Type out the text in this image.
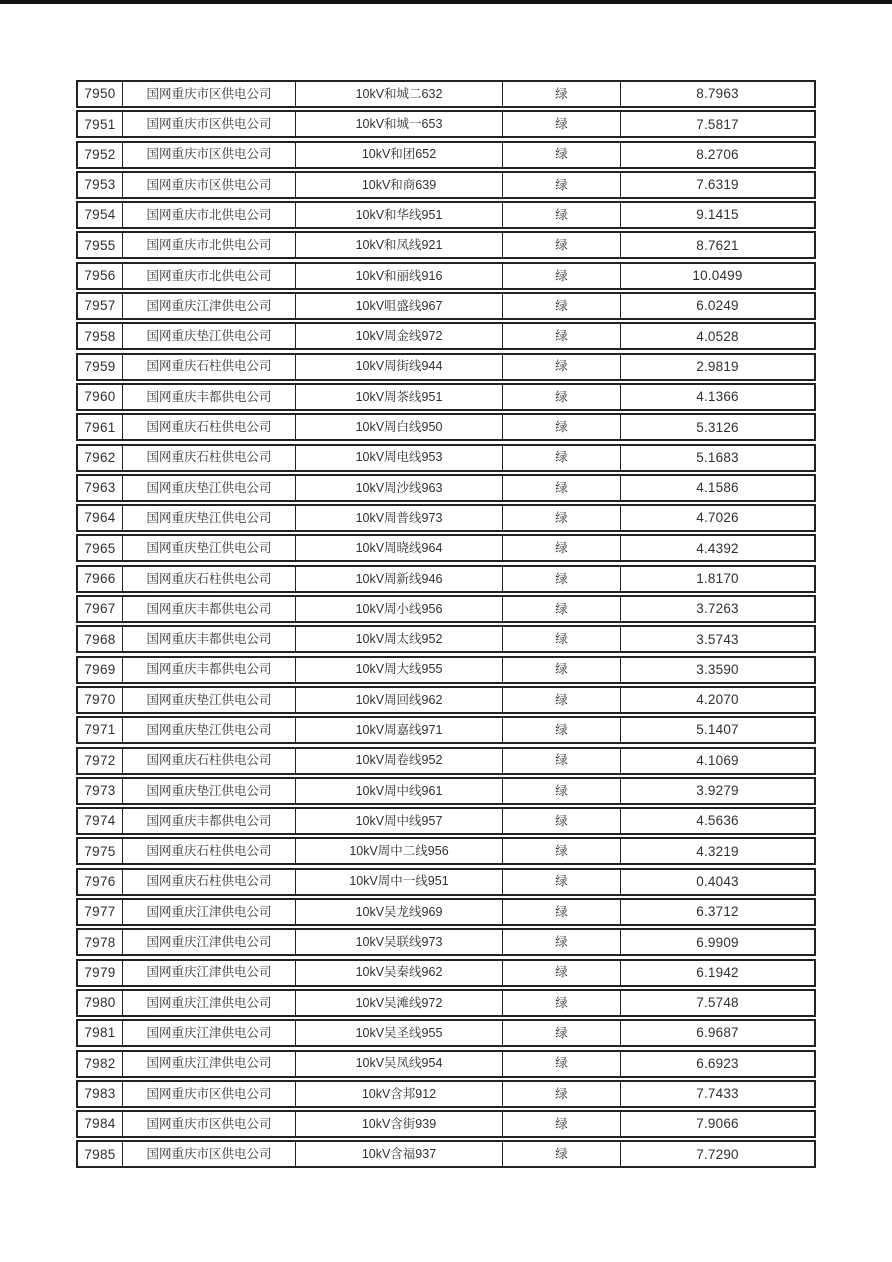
7950	国网重庆市区供电公司	10kV和城二632	绿	8.7963
7951	国网重庆市区供电公司	10kV和城一653	绿	7.5817
7952	国网重庆市区供电公司	10kV和团652	绿	8.2706
7953	国网重庆市区供电公司	10kV和商639	绿	7.6319
7954	国网重庆市北供电公司	10kV和华线951	绿	9.1415
7955	国网重庆市北供电公司	10kV和凤线921	绿	8.7621
7956	国网重庆市北供电公司	10kV和丽线916	绿	10.0499
7957	国网重庆江津供电公司	10kV咀盛线967	绿	6.0249
7958	国网重庆垫江供电公司	10kV周金线972	绿	4.0528
7959	国网重庆石柱供电公司	10kV周街线944	绿	2.9819
7960	国网重庆丰都供电公司	10kV周茶线951	绿	4.1366
7961	国网重庆石柱供电公司	10kV周白线950	绿	5.3126
7962	国网重庆石柱供电公司	10kV周电线953	绿	5.1683
7963	国网重庆垫江供电公司	10kV周沙线963	绿	4.1586
7964	国网重庆垫江供电公司	10kV周普线973	绿	4.7026
7965	国网重庆垫江供电公司	10kV周晓线964	绿	4.4392
7966	国网重庆石柱供电公司	10kV周新线946	绿	1.8170
7967	国网重庆丰都供电公司	10kV周小线956	绿	3.7263
7968	国网重庆丰都供电公司	10kV周太线952	绿	3.5743
7969	国网重庆丰都供电公司	10kV周大线955	绿	3.3590
7970	国网重庆垫江供电公司	10kV周回线962	绿	4.2070
7971	国网重庆垫江供电公司	10kV周嘉线971	绿	5.1407
7972	国网重庆石柱供电公司	10kV周卷线952	绿	4.1069
7973	国网重庆垫江供电公司	10kV周中线961	绿	3.9279
7974	国网重庆丰都供电公司	10kV周中线957	绿	4.5636
7975	国网重庆石柱供电公司	10kV周中二线956	绿	4.3219
7976	国网重庆石柱供电公司	10kV周中一线951	绿	0.4043
7977	国网重庆江津供电公司	10kV吴龙线969	绿	6.3712
7978	国网重庆江津供电公司	10kV吴联线973	绿	6.9909
7979	国网重庆江津供电公司	10kV吴秦线962	绿	6.1942
7980	国网重庆江津供电公司	10kV吴滩线972	绿	7.5748
7981	国网重庆江津供电公司	10kV吴圣线955	绿	6.9687
7982	国网重庆江津供电公司	10kV吴凤线954	绿	6.6923
7983	国网重庆市区供电公司	10kV含邦912	绿	7.7433
7984	国网重庆市区供电公司	10kV含街939	绿	7.9066
7985	国网重庆市区供电公司	10kV含福937	绿	7.7290
